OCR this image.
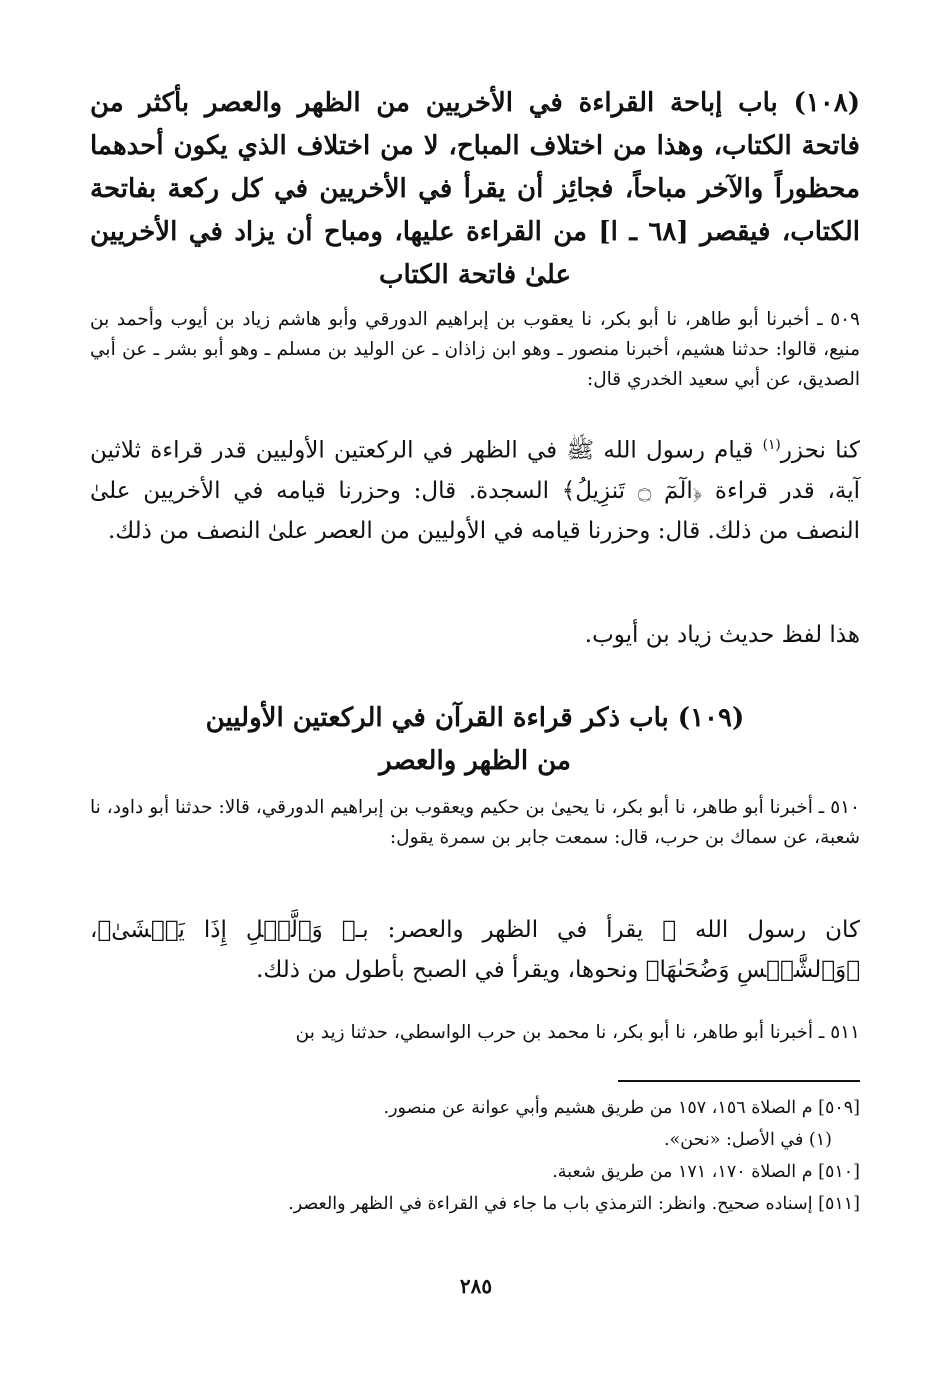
(١٠٨) باب إباحة القراءة في الأخريين من الظهر والعصر بأكثر من فاتحة الكتاب، وهذا من اختلاف المباح، لا من اختلاف الذي يكون أحدهما محظوراً والآخر مباحاً، فجائِز أن يقرأ في الأخريين في كل ركعة بفاتحة الكتاب، فيقصر [٦٨ ـ ا] من القراءة عليها، ومباح أن يزاد في الأخريين علىٰ فاتحة الكتاب
٥٠٩ ـ أخبرنا أبو طاهر، نا أبو بكر، نا يعقوب بن إبراهيم الدورقي وأبو هاشم زياد بن أيوب وأحمد بن منيع، قالوا: حدثنا هشيم، أخبرنا منصور ـ وهو ابن زاذان ـ عن الوليد بن مسلم ـ وهو أبو بشر ـ عن أبي الصديق، عن أبي سعيد الخدري قال:
كنا نحزر$^{(١)}$ قيام رسول الله ﷺ في الظهر في الركعتين الأوليين قدر قراءة ثلاثين آية، قدر قراءة ﴿الٓمٓ ۝ تَنزِيلُ﴾ السجدة. قال: وحزرنا قيامه في الأخريين علىٰ النصف من ذلك. قال: وحزرنا قيامه في الأوليين من العصر علىٰ النصف من ذلك.
هذا لفظ حديث زياد بن أيوب.
(١٠٩) باب ذكر قراءة القرآن في الركعتين الأوليين
من الظهر والعصر
٥١٠ ـ أخبرنا أبو طاهر، نا أبو بكر، نا يحيىٰ بن حكيم ويعقوب بن إبراهيم الدورقي، قالا: حدثنا أبو داود، نا شعبة، عن سماك بن حرب، قال: سمعت جابر بن سمرة يقول:
كان رسول الله ﷺ يقرأ في الظهر والعصر: بـ﴿ وَٱلَّيۡلِ إِذَا يَغۡشَىٰ﴾، ﴿وَٱلشَّمۡسِ وَضُحَىٰهَا﴾ ونحوها، ويقرأ في الصبح بأطول من ذلك.
٥١١ ـ أخبرنا أبو طاهر، نا أبو بكر، نا محمد بن حرب الواسطي، حدثنا زيد بن
[٥٠٩] م الصلاة ١٥٦، ١٥٧ من طريق هشيم وأبي عوانة عن منصور.
(١) في الأصل: «نحن».
[٥١٠] م الصلاة ١٧٠، ١٧١ من طريق شعبة.
[٥١١] إسناده صحيح. وانظر: الترمذي باب ما جاء في القراءة في الظهر والعصر.
٢٨٥
